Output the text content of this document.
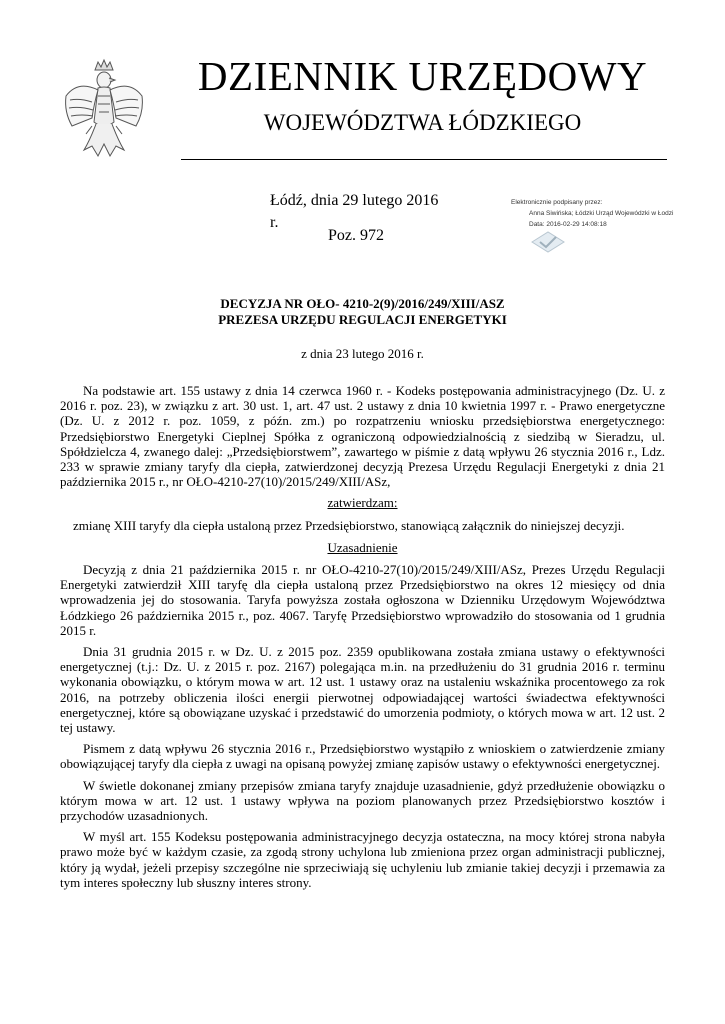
DZIENNIK URZĘDOWY
WOJEWÓDZTWA ŁÓDZKIEGO
Łódź, dnia 29 lutego 2016 r.
Poz. 972
Elektronicznie podpisany przez:
Anna Siwińska; Łódzki Urząd Wojewódzki w Łodzi
Data: 2016-02-29 14:08:18
DECYZJA NR OŁO- 4210-2(9)/2016/249/XIII/ASZ
PREZESA URZĘDU REGULACJI ENERGETYKI
z dnia 23 lutego 2016 r.

Na podstawie art. 155 ustawy z dnia 14 czerwca 1960 r. - Kodeks postępowania administracyjnego (Dz. U. z 2016 r. poz. 23), w związku z art. 30 ust. 1, art. 47 ust. 2 ustawy z dnia 10 kwietnia 1997 r. - Prawo energetyczne (Dz. U. z 2012 r. poz. 1059, z późn. zm.) po rozpatrzeniu wniosku przedsiębiorstwa energetycznego: Przedsiębiorstwo Energetyki Cieplnej Spółka z ograniczoną odpowiedzialnością z siedzibą w Sieradzu, ul. Spółdzielcza 4, zwanego dalej: „Przedsiębiorstwem”, zawartego w piśmie z datą wpływu 26 stycznia 2016 r., Ldz. 233 w sprawie zmiany taryfy dla ciepła, zatwierdzonej decyzją Prezesa Urzędu Regulacji Energetyki z dnia 21 października 2015 r., nr OŁO-4210-27(10)/2015/249/XIII/ASz,

zatwierdzam:

zmianę XIII taryfy dla ciepła ustaloną przez Przedsiębiorstwo, stanowiącą załącznik do niniejszej decyzji.

Uzasadnienie

Decyzją z dnia 21 października 2015 r. nr OŁO-4210-27(10)/2015/249/XIII/ASz, Prezes Urzędu Regulacji Energetyki zatwierdził XIII taryfę dla ciepła ustaloną przez Przedsiębiorstwo na okres 12 miesięcy od dnia wprowadzenia jej do stosowania. Taryfa powyższa została ogłoszona w Dzienniku Urzędowym Województwa Łódzkiego 26 października 2015 r., poz. 4067. Taryfę Przedsiębiorstwo wprowadziło do stosowania od 1 grudnia 2015 r.

Dnia 31 grudnia 2015 r. w Dz. U. z 2015 poz. 2359 opublikowana została zmiana ustawy o efektywności energetycznej (t.j.: Dz. U. z 2015 r. poz. 2167) polegająca m.in. na przedłużeniu do 31 grudnia 2016 r. terminu wykonania obowiązku, o którym mowa w art. 12 ust. 1 ustawy oraz na ustaleniu wskaźnika procentowego za rok 2016, na potrzeby obliczenia ilości energii pierwotnej odpowiadającej wartości świadectwa efektywności energetycznej, które są obowiązane uzyskać i przedstawić do umorzenia podmioty, o których mowa w art. 12 ust. 2 tej ustawy.

Pismem z datą wpływu 26 stycznia 2016 r., Przedsiębiorstwo wystąpiło z wnioskiem o zatwierdzenie zmiany obowiązującej taryfy dla ciepła z uwagi na opisaną powyżej zmianę zapisów ustawy o efektywności energetycznej.

W świetle dokonanej zmiany przepisów zmiana taryfy znajduje uzasadnienie, gdyż przedłużenie obowiązku o którym mowa w art. 12 ust. 1 ustawy wpływa na poziom planowanych przez Przedsiębiorstwo kosztów i przychodów uzasadnionych.

W myśl art. 155 Kodeksu postępowania administracyjnego decyzja ostateczna, na mocy której strona nabyła prawo może być w każdym czasie, za zgodą strony uchylona lub zmieniona przez organ administracji publicznej, który ją wydał, jeżeli przepisy szczególne nie sprzeciwiają się uchyleniu lub zmianie takiej decyzji i przemawia za tym interes społeczny lub słuszny interes strony.
